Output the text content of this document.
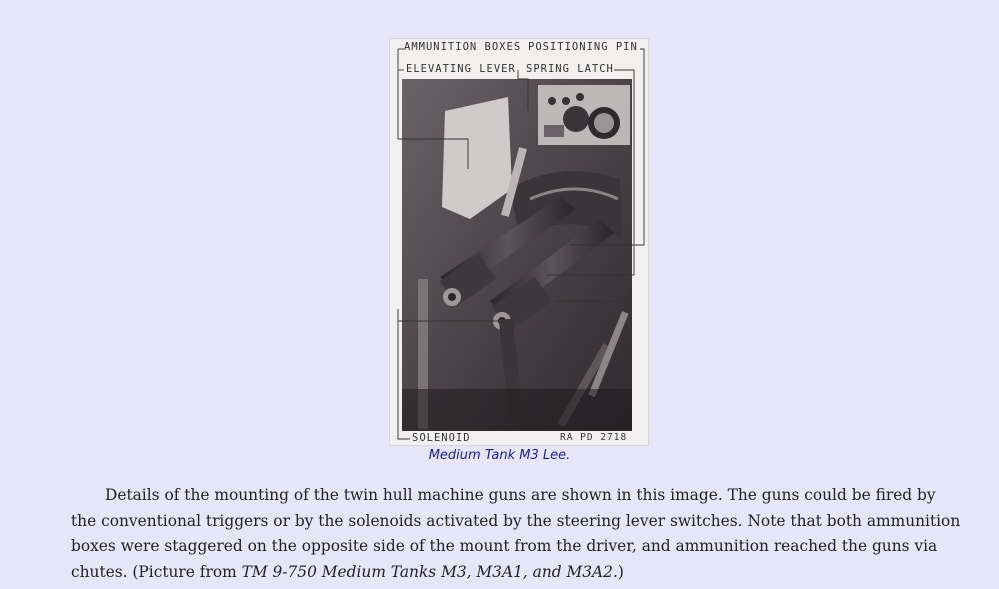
AMMUNITION BOXES POSITIONING PIN
ELEVATING LEVER SPRING LATCH
SOLENOID	RA PD 2718
Medium Tank M3 Lee.

Details of the mounting of the twin hull machine guns are shown in this image. The guns could be fired by the conventional triggers or by the solenoids activated by the steering lever switches. Note that both ammunition boxes were staggered on the opposite side of the mount from the driver, and ammunition reached the guns via chutes. (Picture from TM 9-750 Medium Tanks M3, M3A1, and M3A2.)
